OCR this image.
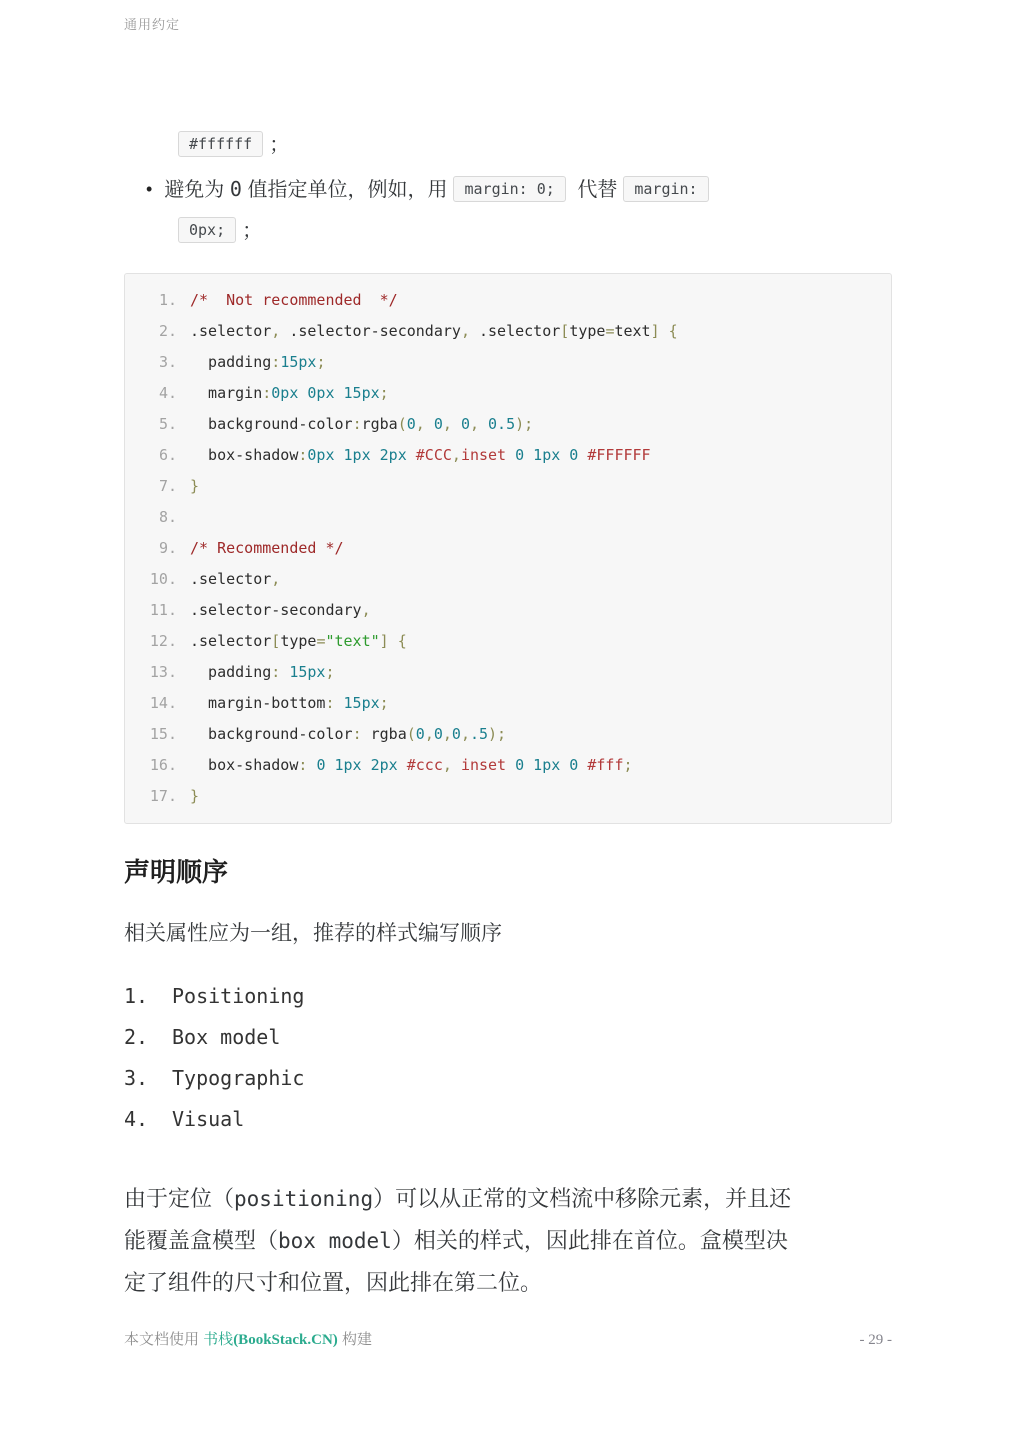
通用约定
#ffffff ；
• 避免为 0 值指定单位，例如，用 margin: 0; 代替 margin:
0px; ；
1. /*  Not recommended  */
2. .selector, .selector-secondary, .selector[type=text] {
3. padding:15px;
4. margin:0px 0px 15px;
5. background-color:rgba(0, 0, 0, 0.5);
6. box-shadow:0px 1px 2px #CCC,inset 0 1px 0 #FFFFFF
7. }
8.
9. /* Recommended */
10. .selector,
11. .selector-secondary,
12. .selector[type="text"] {
13. padding: 15px;
14. margin-bottom: 15px;
15. background-color: rgba(0,0,0,.5);
16. box-shadow: 0 1px 2px #ccc, inset 0 1px 0 #fff;
17. }
声明顺序
相关属性应为一组，推荐的样式编写顺序
1.	Positioning
2.	Box model
3.	Typographic
4.	Visual
由于定位（positioning）可以从正常的文档流中移除元素，并且还
能覆盖盒模型（box model）相关的样式，因此排在首位。盒模型决
定了组件的尺寸和位置，因此排在第二位。
本文档使用 书栈(BookStack.CN) 构建	- 29 -
